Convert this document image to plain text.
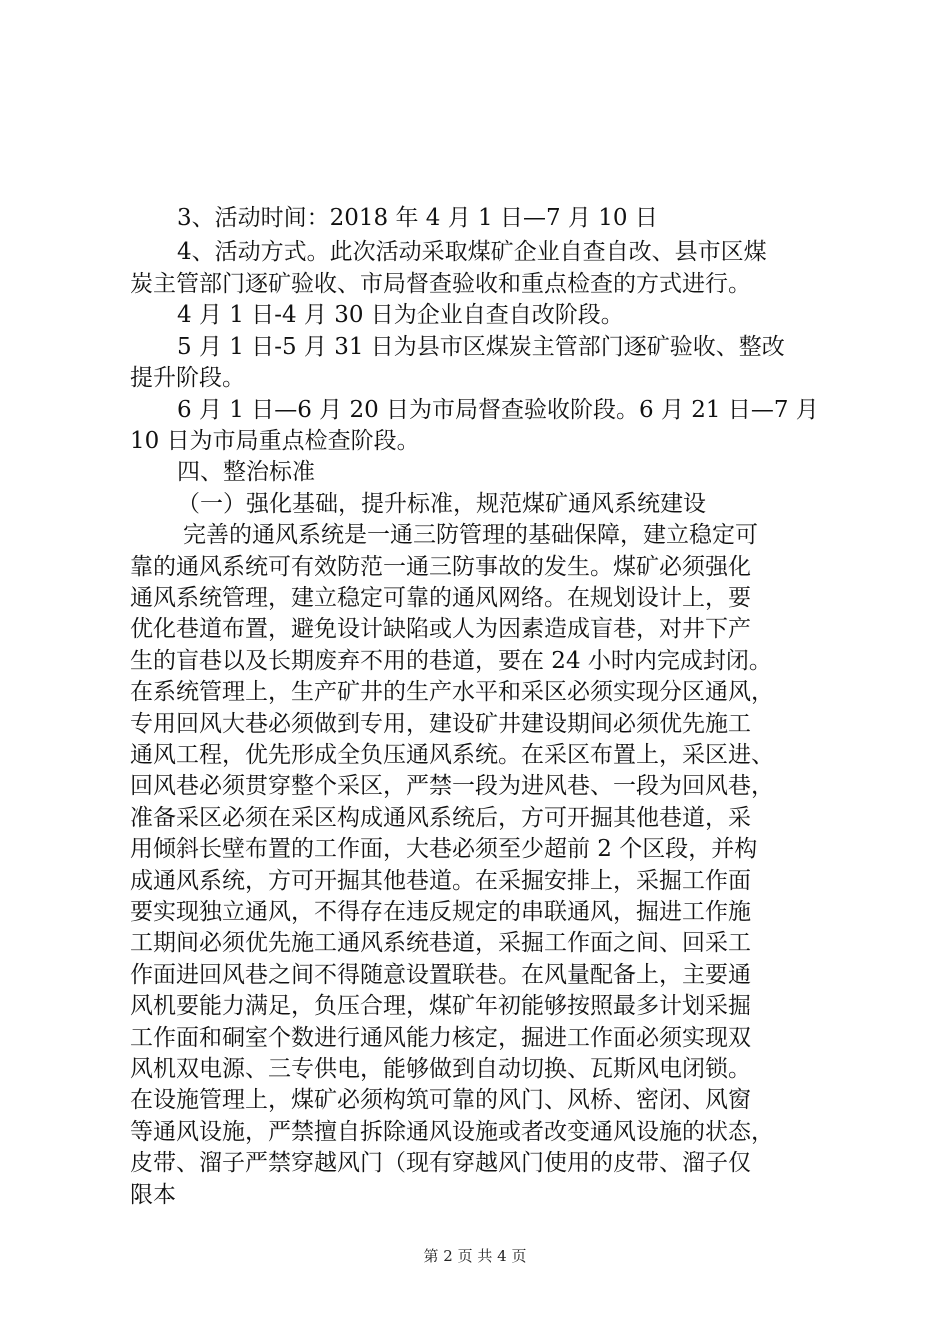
3、活动时间：2018 年 4 月 1 日—7 月 10 日

4、活动方式。此次活动采取煤矿企业自查自改、县市区煤

炭主管部门逐矿验收、市局督查验收和重点检查的方式进行。

4 月 1 日-4 月 30 日为企业自查自改阶段。

5 月 1 日-5 月 31 日为县市区煤炭主管部门逐矿验收、整改

提升阶段。

6 月 1 日—6 月 20 日为市局督查验收阶段。6 月 21 日—7 月

10 日为市局重点检查阶段。

四、整治标准

（一）强化基础，提升标准，规范煤矿通风系统建设

完善的通风系统是一通三防管理的基础保障，建立稳定可

靠的通风系统可有效防范一通三防事故的发生。煤矿必须强化

通风系统管理，建立稳定可靠的通风网络。在规划设计上，要

优化巷道布置，避免设计缺陷或人为因素造成盲巷，对井下产

生的盲巷以及长期废弃不用的巷道，要在 24 小时内完成封闭。

在系统管理上，生产矿井的生产水平和采区必须实现分区通风，

专用回风大巷必须做到专用，建设矿井建设期间必须优先施工

通风工程，优先形成全负压通风系统。在采区布置上，采区进、

回风巷必须贯穿整个采区，严禁一段为进风巷、一段为回风巷，

准备采区必须在采区构成通风系统后，方可开掘其他巷道，采

用倾斜长壁布置的工作面，大巷必须至少超前 2 个区段，并构

成通风系统，方可开掘其他巷道。在采掘安排上，采掘工作面

要实现独立通风，不得存在违反规定的串联通风，掘进工作施

工期间必须优先施工通风系统巷道，采掘工作面之间、回采工

作面进回风巷之间不得随意设置联巷。在风量配备上，主要通

风机要能力满足，负压合理，煤矿年初能够按照最多计划采掘

工作面和硐室个数进行通风能力核定，掘进工作面必须实现双

风机双电源、三专供电，能够做到自动切换、瓦斯风电闭锁。

在设施管理上，煤矿必须构筑可靠的风门、风桥、密闭、风窗

等通风设施，严禁擅自拆除通风设施或者改变通风设施的状态，

皮带、溜子严禁穿越风门（现有穿越风门使用的皮带、溜子仅

限本

第 2 页 共 4 页
